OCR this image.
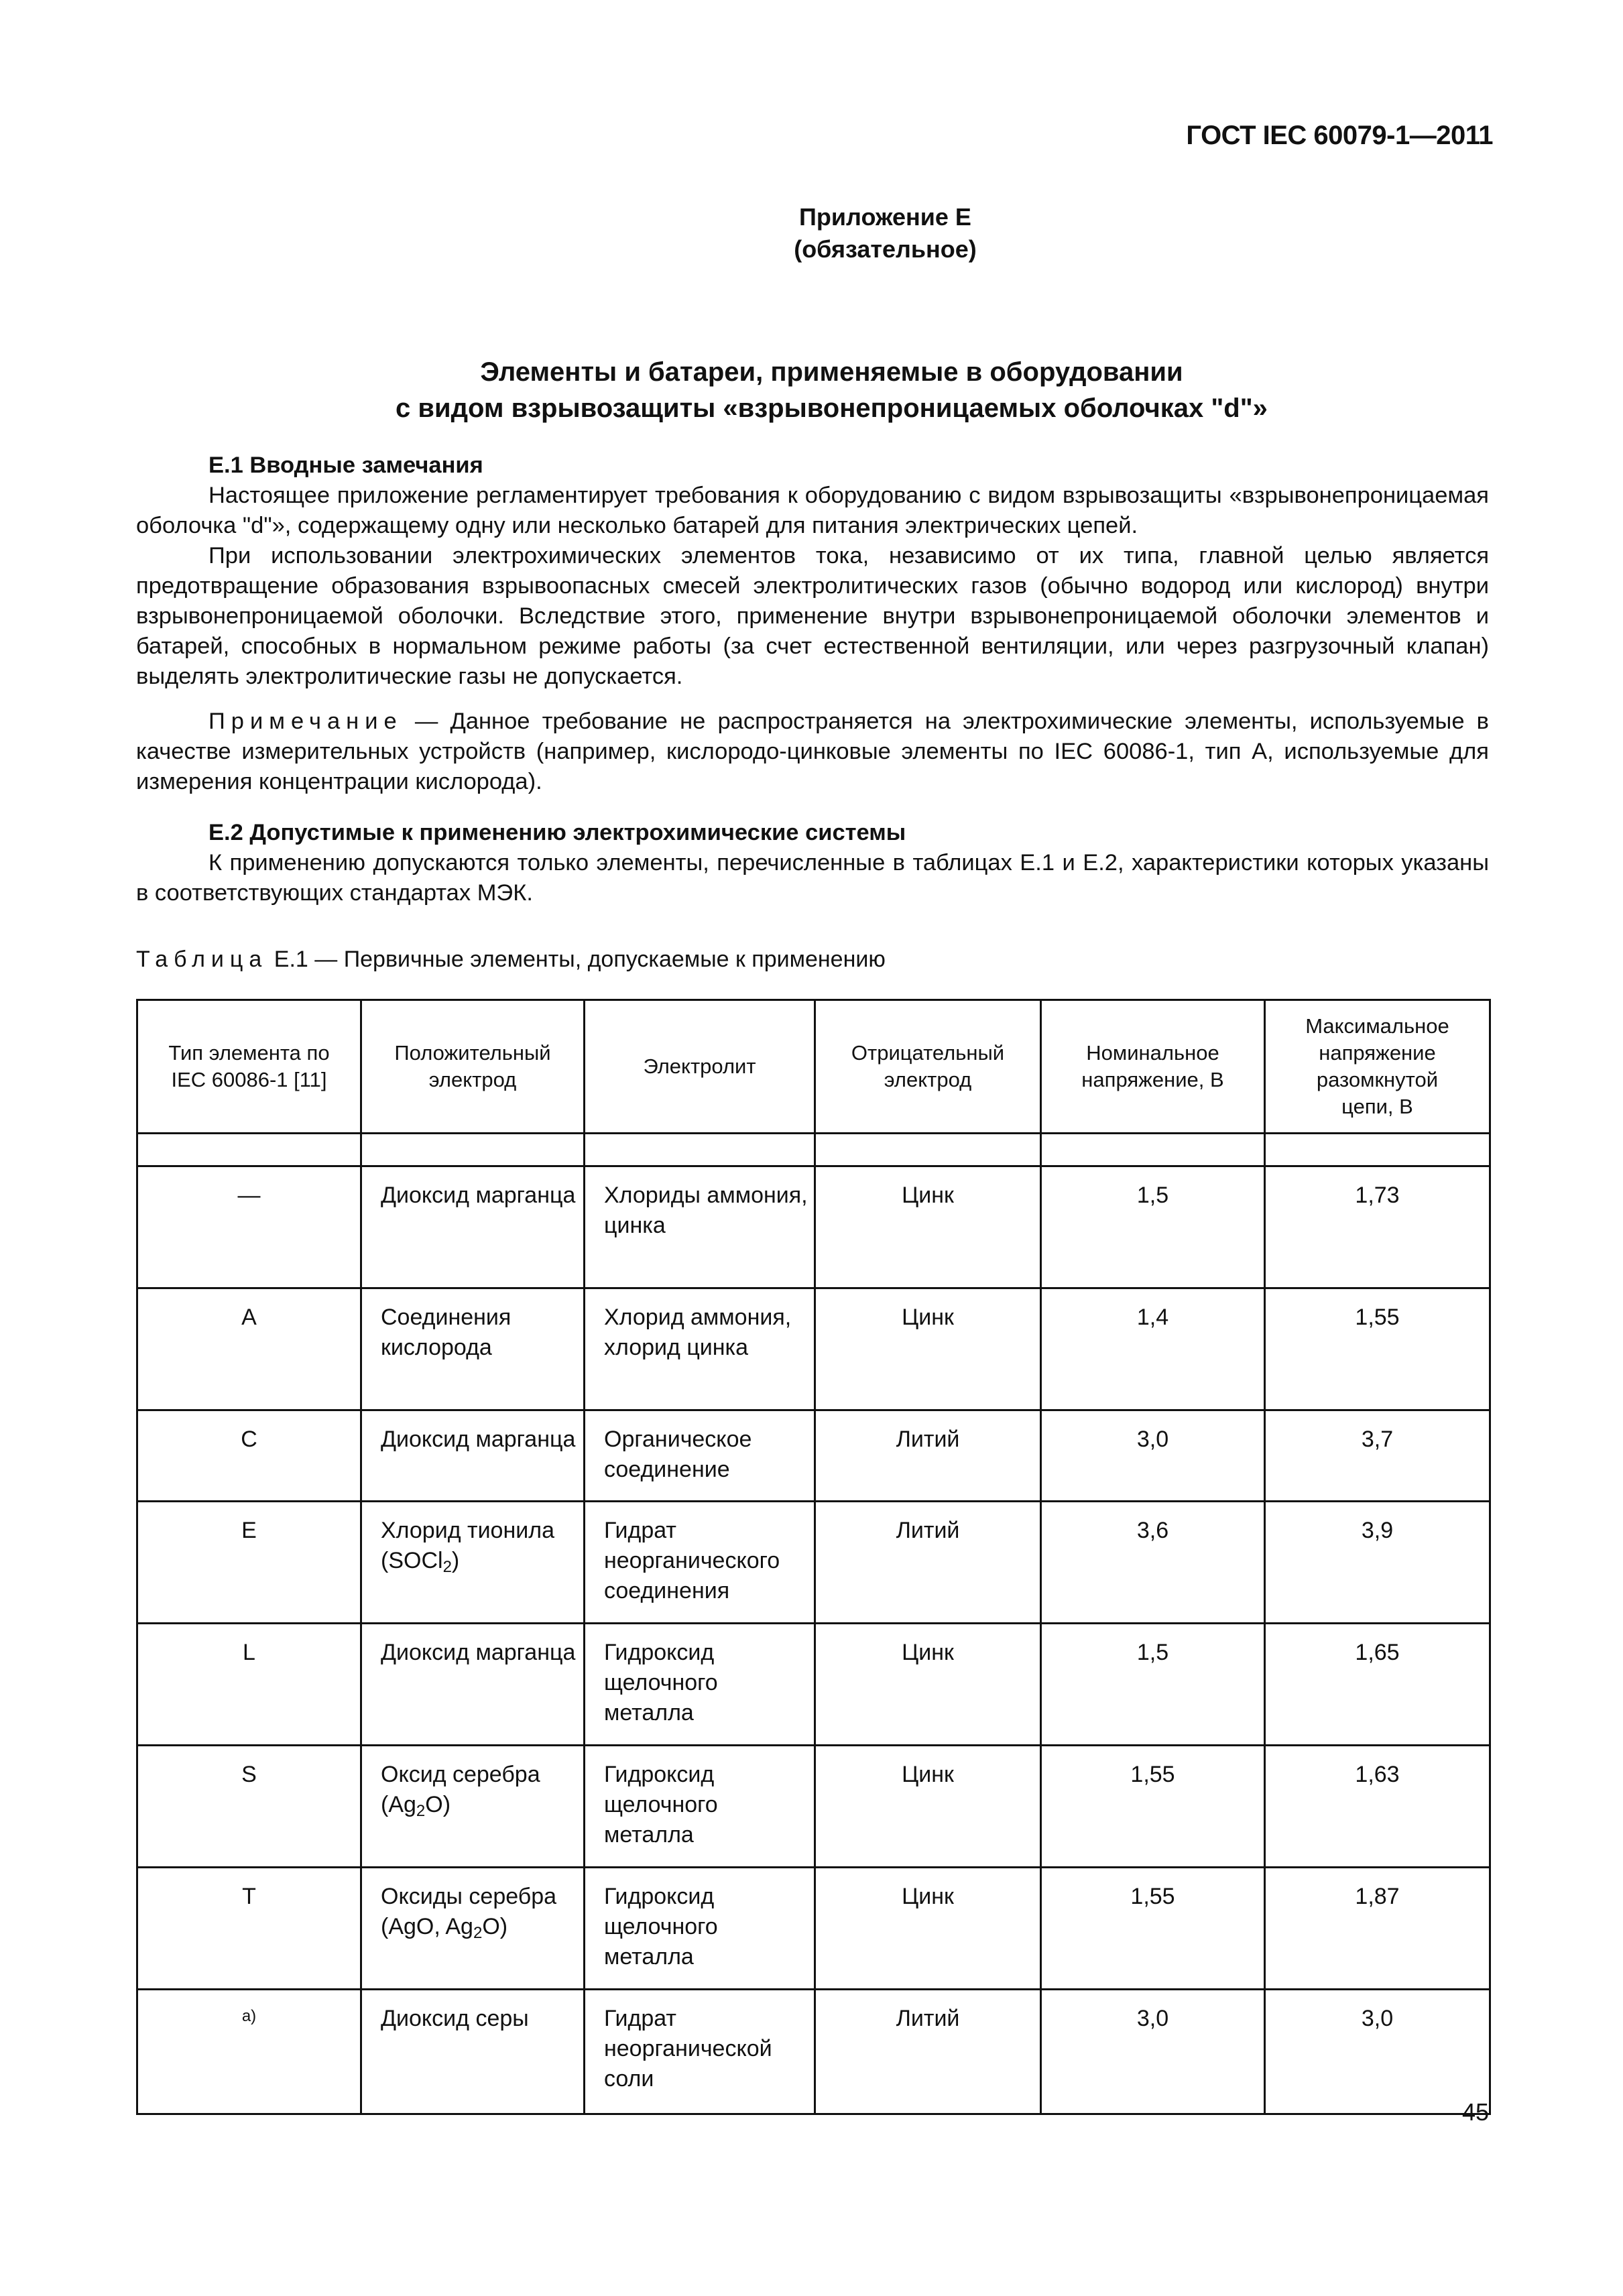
ГОСТ IEC 60079-1—2011
Приложение Е
(обязательное)
Элементы и батареи, применяемые в оборудовании
с видом взрывозащиты «взрывонепроницаемых оболочках "d"»

Е.1 Вводные замечания

Настоящее приложение регламентирует требования к оборудованию с видом взрывозащиты «взрывонепроницаемая оболочка "d"», содержащему одну или несколько батарей для питания электрических цепей.

При использовании электрохимических элементов тока, независимо от их типа, главной целью является предотвращение образования взрывоопасных смесей электролитических газов (обычно водород или кислород) внутри взрывонепроницаемой оболочки. Вследствие этого, применение внутри взрывонепроницаемой оболочки элементов и батарей, способных в нормальном режиме работы (за счет естественной вентиляции, или через разгрузочный клапан) выделять электролитические газы не допускается.

Примечание — Данное требование не распространяется на электрохимические элементы, используемые в качестве измерительных устройств (например, кислородо-цинковые элементы по IEC 60086-1, тип А, используемые для измерения концентрации кислорода).

Е.2 Допустимые к применению электрохимические системы

К применению допускаются только элементы, перечисленные в таблицах Е.1 и Е.2, характеристики которых указаны в соответствующих стандартах МЭК.

Таблица Е.1 — Первичные элементы, допускаемые к применению
Тип элемента по IEC 60086-1 [11]	Положительный электрод	Электролит	Отрицательный электрод	Номинальное напряжение, В	Максимальное напряжение разомкнутой цепи, В

—	Диоксид марганца	Хлориды аммония, цинка	Цинк	1,5	1,73
A	Соединения кислорода	Хлорид аммония, хлорид цинка	Цинк	1,4	1,55
C	Диоксид марганца	Органическое соединение	Литий	3,0	3,7
E	Хлорид тионила (SOCl$_2$)	Гидрат неорганического соединения	Литий	3,6	3,9
L	Диоксид марганца	Гидроксид щелочного металла	Цинк	1,5	1,65
S	Оксид серебра $(Ag_2O)$	Гидроксид щелочного металла	Цинк	1,55	1,63
T	Оксиды серебра (AgO, $Ag_2O$)	Гидроксид щелочного металла	Цинк	1,55	1,87
$^{а)}$	Диоксид серы	Гидрат неорганической соли	Литий	3,0	3,0
45
